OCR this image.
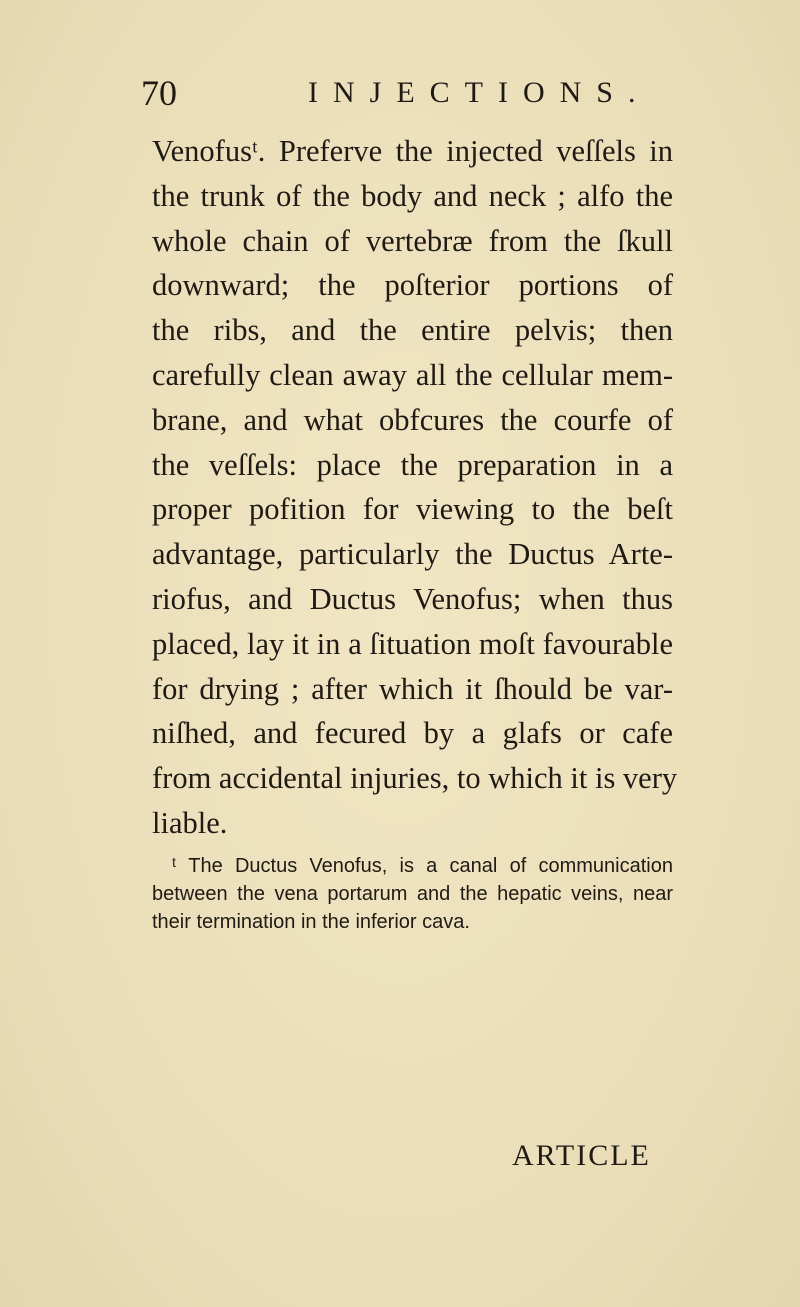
70	INJECTIONS.
Venofusᵗ. Preferve the injected veſſels in
the trunk of the body and neck ; alfo the
whole chain of vertebræ from the ſkull
downward; the poſterior portions of
the ribs, and the entire pelvis; then
carefully clean away all the cellular mem-
brane, and what obfcures the courfe of
the veſſels: place the preparation in a
proper pofition for viewing to the beſt
advantage, particularly the Ductus Arte-
riofus, and Ductus Venofus; when thus
placed, lay it in a ſituation moſt favourable
for drying ; after which it ſhould be var-
niſhed, and fecured by a glafs or cafe
from accidental injuries, to which it is very
liable.
ᵗ The Ductus Venofus, is a canal of communication
between the vena portarum and the hepatic veins, near
their termination in the inferior cava.
ARTICLE
